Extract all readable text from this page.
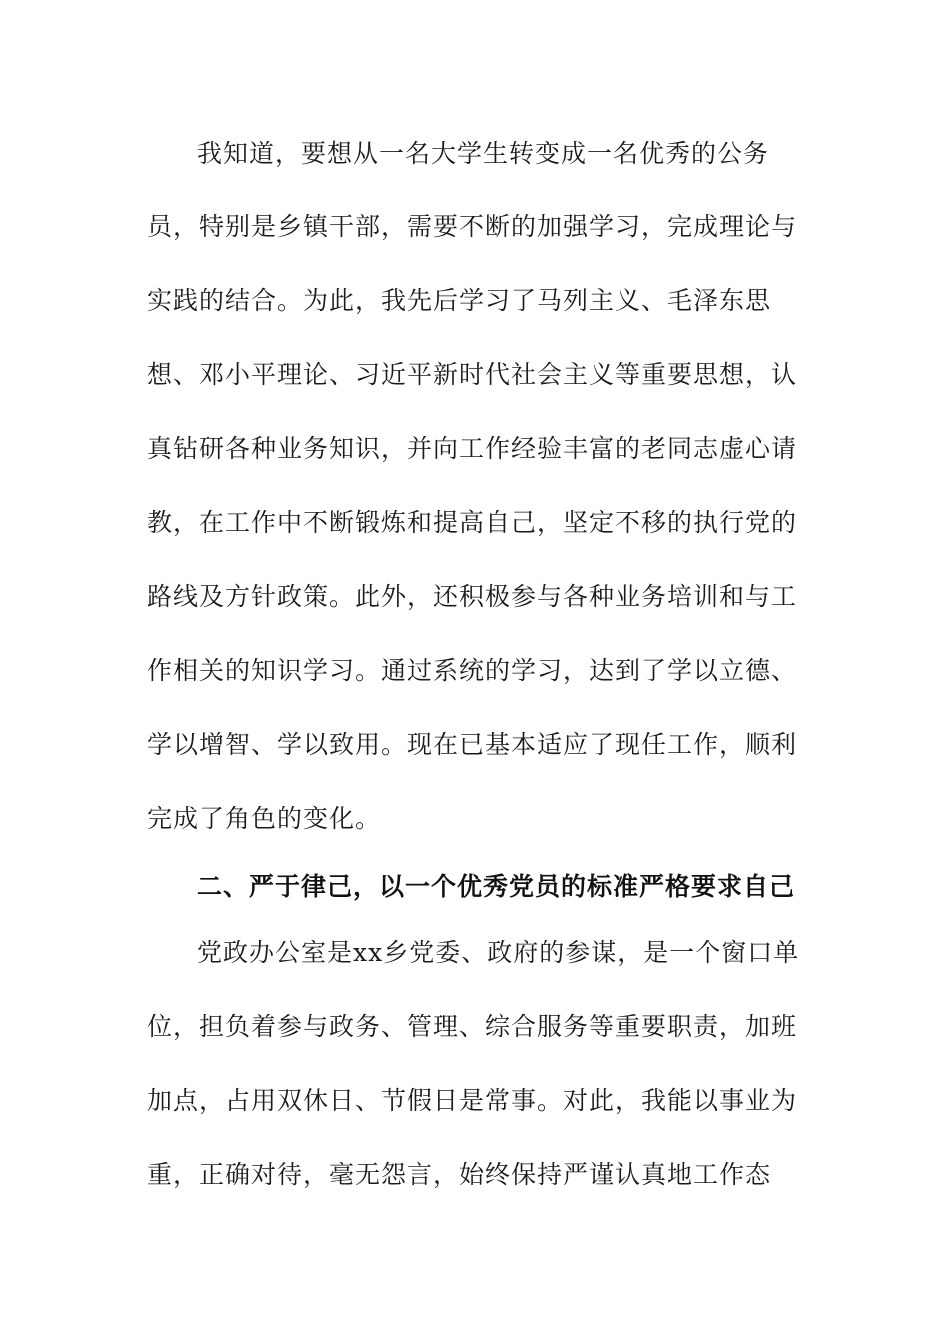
我知道，要想从一名大学生转变成一名优秀的公务
员，特别是乡镇干部，需要不断的加强学习，完成理论与
实践的结合。为此，我先后学习了马列主义、毛泽东思
想、邓小平理论、习近平新时代社会主义等重要思想，认
真钻研各种业务知识，并向工作经验丰富的老同志虚心请
教，在工作中不断锻炼和提高自己，坚定不移的执行党的
路线及方针政策。此外，还积极参与各种业务培训和与工
作相关的知识学习。通过系统的学习，达到了学以立德、
学以增智、学以致用。现在已基本适应了现任工作，顺利
完成了角色的变化。
二、严于律己，以一个优秀党员的标准严格要求自己
党政办公室是xx乡党委、政府的参谋，是一个窗口单
位，担负着参与政务、管理、综合服务等重要职责，加班
加点，占用双休日、节假日是常事。对此，我能以事业为
重，正确对待，毫无怨言，始终保持严谨认真地工作态
